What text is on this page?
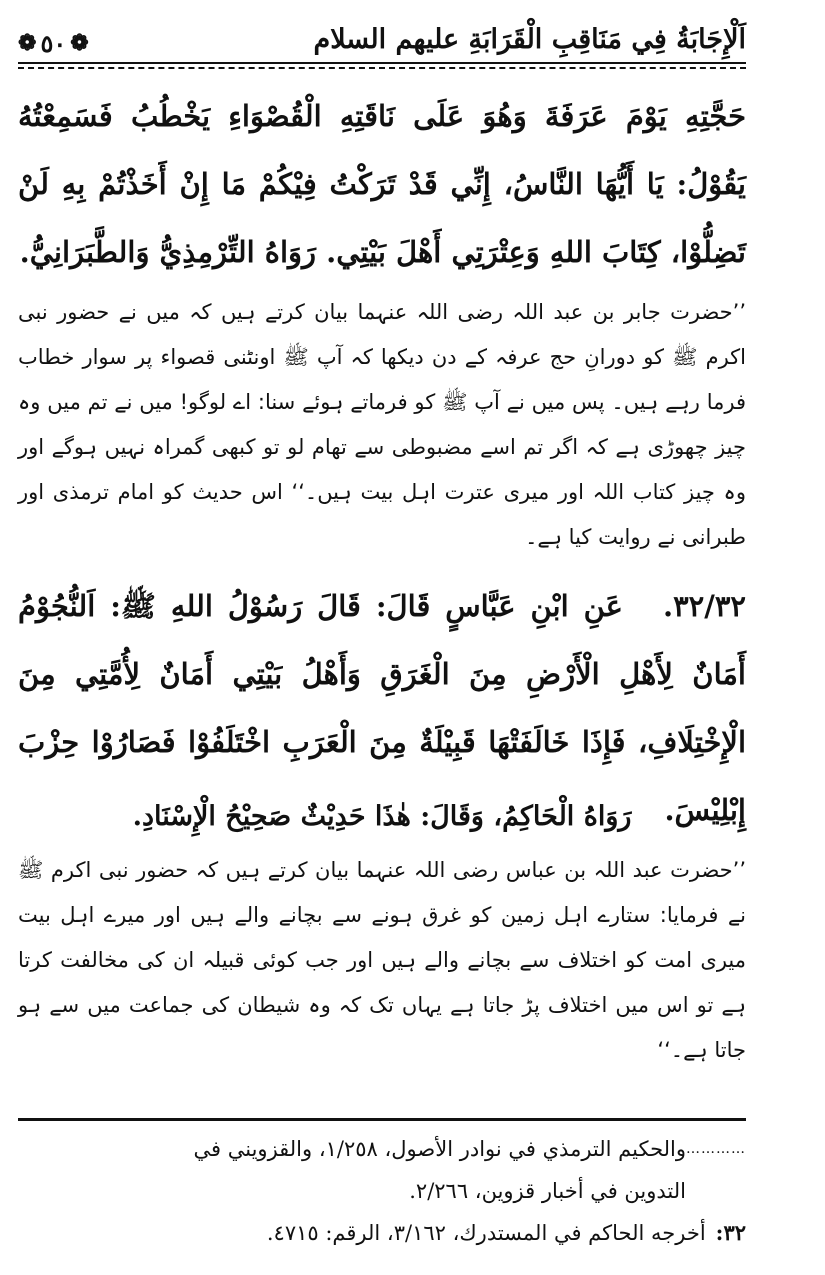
اَلْإِجَابَةُ فِي مَنَاقِبِ الْقَرَابَةِ علیهم السلام
❁ ٥٠ ❁
حَجَّتِهِ يَوْمَ عَرَفَةَ وَهُوَ عَلَى نَاقَتِهِ الْقُصْوَاءِ يَخْطُبُ فَسَمِعْتُهُ يَقُوْلُ: يَا أَيُّهَا النَّاسُ، إِنِّي قَدْ تَرَكْتُ فِيْكُمْ مَا إِنْ أَخَذْتُمْ بِهِ لَنْ تَضِلُّوْا، كِتَابَ اللهِ وَعِتْرَتِي أَهْلَ بَيْتِي. رَوَاهُ التِّرْمِذِيُّ وَالطَّبَرَانِيُّ.
’’حضرت جابر بن عبد اللہ رضی اللہ عنہما بیان کرتے ہیں کہ میں نے حضور نبی اکرم ﷺ کو دورانِ حج عرفہ کے دن دیکھا کہ آپ ﷺ اونٹنی قصواء پر سوار خطاب فرما رہے ہیں۔ پس میں نے آپ ﷺ کو فرماتے ہوئے سنا: اے لوگو! میں نے تم میں وہ چیز چھوڑی ہے کہ اگر تم اسے مضبوطی سے تھام لو تو کبھی گمراہ نہیں ہوگے اور وہ چیز کتاب اللہ اور میری عترت اہل بیت ہیں۔‘‘ اس حدیث کو امام ترمذی اور طبرانی نے روایت کیا ہے۔
٣٢/٣٢.عَنِ ابْنِ عَبَّاسٍ قَالَ: قَالَ رَسُوْلُ اللهِ ﷺ: اَلنُّجُوْمُ أَمَانٌ لِأَهْلِ الْأَرْضِ مِنَ الْغَرَقِ وَأَهْلُ بَيْتِي أَمَانٌ لِأُمَّتِي مِنَ الْإِخْتِلَافِ، فَإِذَا خَالَفَتْهَا قَبِيْلَةٌ مِنَ الْعَرَبِ اخْتَلَفُوْا فَصَارُوْا حِزْبَ إِبْلِيْسَ.
رَوَاهُ الْحَاكِمُ، وَقَالَ: هٰذَا حَدِيْثٌ صَحِيْحُ الْإِسْنَادِ.
’’حضرت عبد اللہ بن عباس رضی اللہ عنہما بیان کرتے ہیں کہ حضور نبی اکرم ﷺ نے فرمایا: ستارے اہل زمین کو غرق ہونے سے بچانے والے ہیں اور میرے اہل بیت میری امت کو اختلاف سے بچانے والے ہیں اور جب کوئی قبیلہ ان کی مخالفت کرتا ہے تو اس میں اختلاف پڑ جاتا ہے یہاں تک کہ وہ شیطان کی جماعت میں سے ہو جاتا ہے۔‘‘
…………
والحكيم الترمذي في نوادر الأصول، ١/٢٥٨، والقزويني في
التدوين في أخبار قزوين، ٢/٢٦٦.
٣٢:أخرجه الحاكم في المستدرك، ٣/١٦٢، الرقم: ٤٧١٥.
